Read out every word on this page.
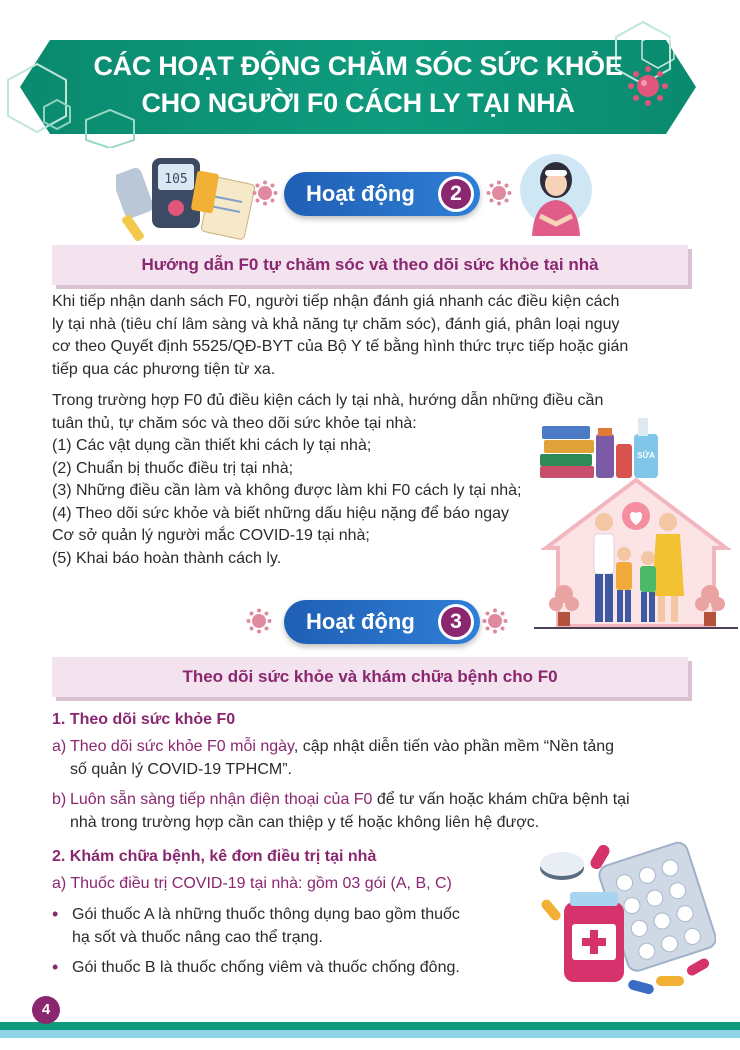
CÁC HOẠT ĐỘNG CHĂM SÓC SỨC KHỎE
CHO NGƯỜI F0 CÁCH LY TẠI NHÀ
105
Hoạt động	2
Hướng dẫn F0 tự chăm sóc và theo dõi sức khỏe tại nhà
Khi tiếp nhận danh sách F0, người tiếp nhận đánh giá nhanh các điều kiện cách
ly tại nhà (tiêu chí lâm sàng và khả năng tự chăm sóc), đánh giá, phân loại nguy
cơ theo Quyết định 5525/QĐ-BYT của Bộ Y tế bằng hình thức trực tiếp hoặc gián
tiếp qua các phương tiện từ xa.
Trong trường hợp F0 đủ điều kiện cách ly tại nhà, hướng dẫn những điều cần
tuân thủ, tự chăm sóc và theo dõi sức khỏe tại nhà:
(1) Các vật dụng cần thiết khi cách ly tại nhà;
(2) Chuẩn bị thuốc điều trị tại nhà;
(3) Những điều cần làm và không được làm khi F0 cách ly tại nhà;
(4) Theo dõi sức khỏe và biết những dấu hiệu nặng để báo ngay
Cơ sở quản lý người mắc COVID-19 tại nhà;
(5) Khai báo hoàn thành cách ly.
SỮA
Hoạt động	3
Theo dõi sức khỏe và khám chữa bệnh cho F0
1. Theo dõi sức khỏe F0
a) Theo dõi sức khỏe F0 mỗi ngày, cập nhật diễn tiến vào phần mềm “Nền tảng
số quản lý COVID-19 TPHCM”.
b) Luôn sẵn sàng tiếp nhận điện thoại của F0 để tư vấn hoặc khám chữa bệnh tại
nhà trong trường hợp cần can thiệp y tế hoặc không liên hệ được.
2. Khám chữa bệnh, kê đơn điều trị tại nhà
a) Thuốc điều trị COVID-19 tại nhà: gồm 03 gói (A, B, C)
• Gói thuốc A là những thuốc thông dụng bao gồm thuốc
hạ sốt và thuốc nâng cao thể trạng.
• Gói thuốc B là thuốc chống viêm và thuốc chống đông.
4
